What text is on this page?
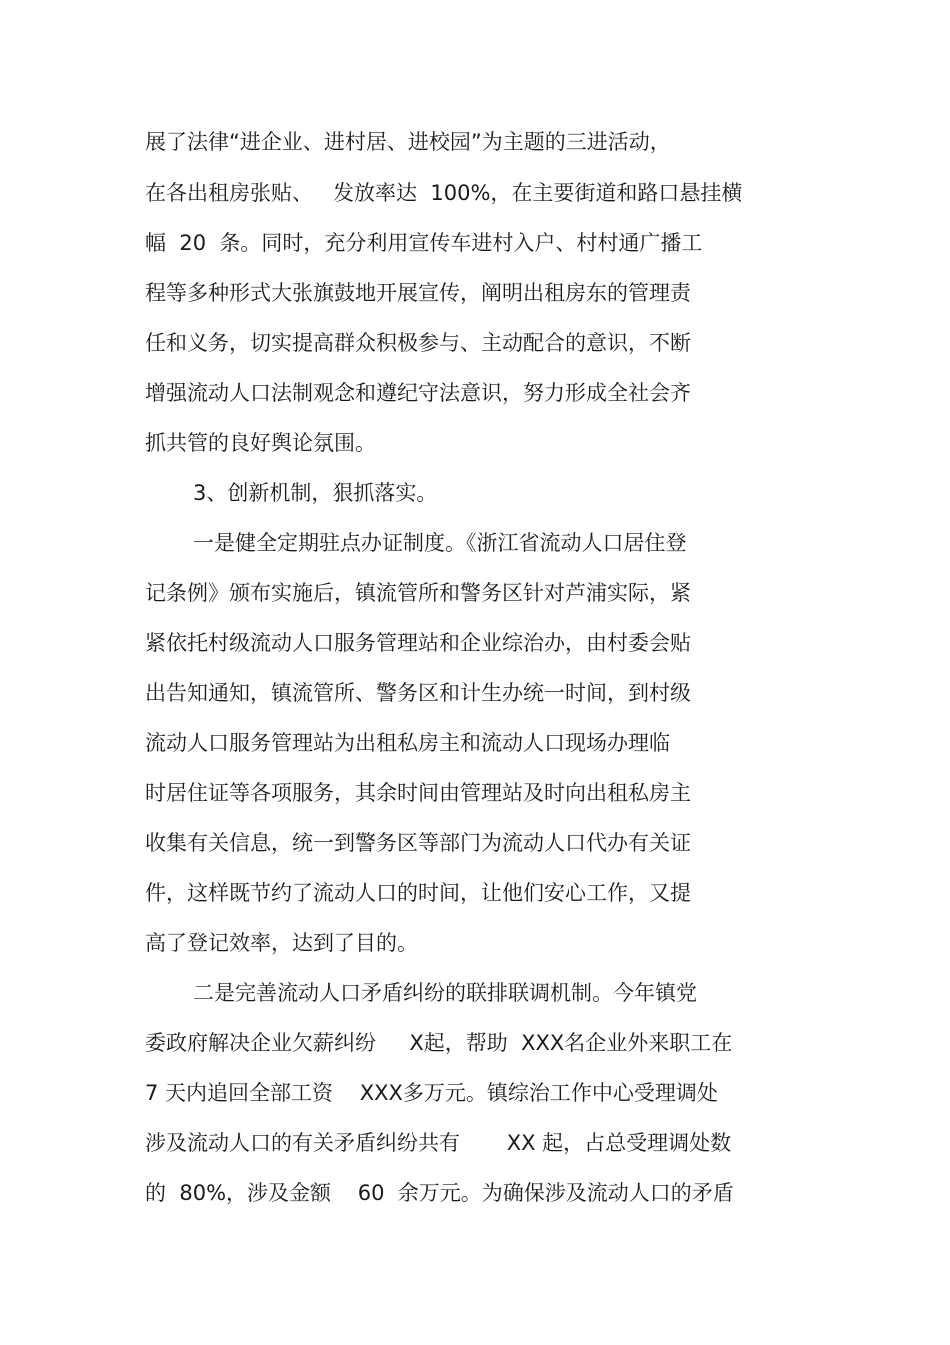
展了法律“进企业、进村居、进校园”为主题的三进活动，

在各出租房张贴、   发放率达  100%，在主要街道和路口悬挂横

幅  20  条。同时，充分利用宣传车进村入户、村村通广播工

程等多种形式大张旗鼓地开展宣传，阐明出租房东的管理责

任和义务，切实提高群众积极参与、主动配合的意识，不断

增强流动人口法制观念和遵纪守法意识，努力形成全社会齐

抓共管的良好舆论氛围。

3、创新机制，狠抓落实。

一是健全定期驻点办证制度。《浙江省流动人口居住登

记条例》颁布实施后，镇流管所和警务区针对芦浦实际，紧

紧依托村级流动人口服务管理站和企业综治办，由村委会贴

出告知通知，镇流管所、警务区和计生办统一时间，到村级

流动人口服务管理站为出租私房主和流动人口现场办理临

时居住证等各项服务，其余时间由管理站及时向出租私房主

收集有关信息，统一到警务区等部门为流动人口代办有关证

件，这样既节约了流动人口的时间，让他们安心工作，又提

高了登记效率，达到了目的。

二是完善流动人口矛盾纠纷的联排联调机制。今年镇党

委政府解决企业欠薪纠纷     X起，帮助  XXX名企业外来职工在

7 天内追回全部工资    XXX多万元。镇综治工作中心受理调处

涉及流动人口的有关矛盾纠纷共有       XX 起，占总受理调处数

的  80%，涉及金额    60  余万元。为确保涉及流动人口的矛盾
